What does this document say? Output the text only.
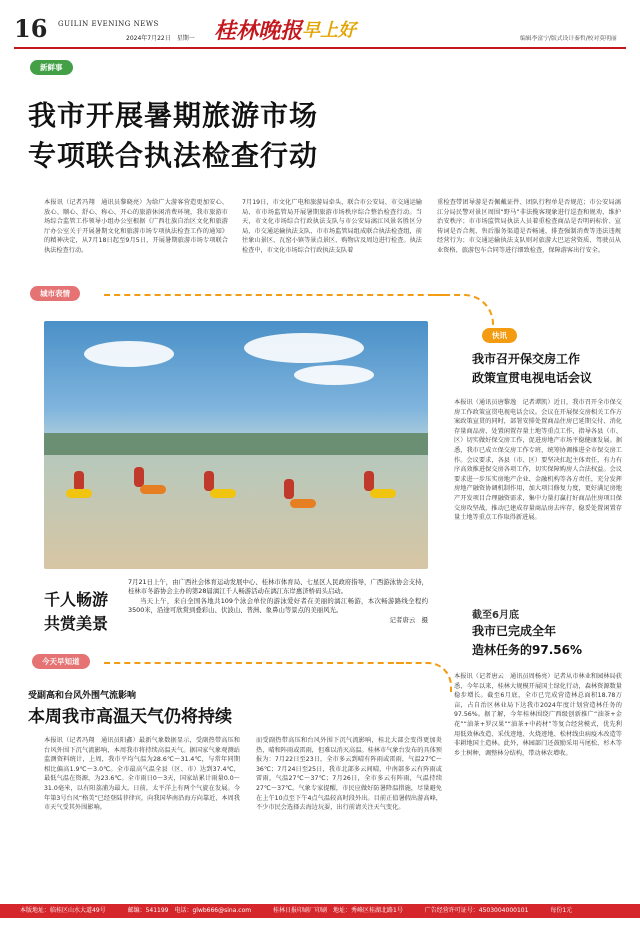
16 GUILIN EVENING NEWS
2024年7月22日　星期一 桂林晚报 早上好	编辑李富宁/版式设计秦哲/校对莫明丽
新鲜事
我市开展暑期旅游市场
专项联合执法检查行动
本报讯（记者冯翔　通讯员黎晓亮）为给广大游客营造更加安心、放心、顺心、舒心、称心、开心的旅游休闲消费环境，我市旅游市场综合监管工作领导小组办公室根据《广西壮族自治区文化和旅游厅办公室关于开展暑期文化和旅游市场专项执法检查工作的通知》的精神决定，从7月18日起至9月5日，开展暑期旅游市场专项联合执法检查行动。
7月19日，市文化广电和旅游局牵头，联合市公安局、市交通运输局、市市场监管局开展暑期旅游市场秩序综合整治检查行动。当天，市文化市场综合行政执法支队与市公安局漓江风景名胜区分局、市交通运输执法支队、市市场监管局组成联合执法检查组，前往象山景区、瓦窑小镇等景点景区、购物店及周边进行检查。执法检查中，市文化市场综合行政执法支队着
重检查带团导游是否佩戴证件、团队行程单是否规范；市公安局漓江分局民警对景区周围“野马”非法揽客现象进行巡查和规劝，维护治安秩序；市市场监管局执法人员着重检查商品是否明码标价、宣传词是否合规、售后服务渠道是否畅通，排查强制消费等违法违规经营行为；市交通运输执法支队则对旅游大巴运营资质、驾驶员从业资格、旅游包车合同等进行细致检查，保障游客出行安全。
城市表情
千人畅游
共赏美景
7月21日上午，由广西社会体育运动发展中心、桂林市体育局、七星区人民政府指导，广西游泳协会支持，桂林市冬游协会主办的第28届漓江千人畅游活动在漓江东岸惠济桥码头启动。
当天上午，来自全国各地共109个泳会单位的游泳爱好者在美丽的漓江畅游，本次畅游路线全程约3500米，沿途可欣赏到叠彩山、伏波山、普洲、象鼻山等景点的美丽风光。
记者唐云　摄
快讯
我市召开保交房工作
政策宣贯电视电话会议
本报讯（通讯员唐黎逸　记者谭凯）近日，我市召开全市保交房工作政策宣贯电视电话会议。会议在开展保交房相关工作方案政策宣贯的同时，部署安排处置商品住房已延期交付、消化存量商品房、处置闲置存量土地等重点工作，指导各县（市、区）切实做好保交房工作，促进房地产市场平稳健康发展。据悉，我市已成立保交房工作专班，统筹协调推进全市保交房工作。会议要求，各县（市、区）要坚决扛起主体责任，有力有序高效推进保交房各项工作，切实保障购房人合法权益。会议要求进一步压实房地产企业、金融机构等各方责任，充分发挥房地产融资协调机制作用，加大项目修复力度，更好满足房地产开发项目合理融资需求，集中力量打赢打好商品住房项目保交房攻坚战，推动已建成存量商品房去库存，稳妥处置闲置存量土地等重点工作取得新进展。
截至6月底
我市已完成全年
造林任务的97.56%
本报讯（记者唐云　通讯员周杨亮）记者从市林业和园林局获悉，今年以来，桂林大规模开展国土绿化行动，森林资源数量稳步增长。截至6月底，全市已完成营造林总面积18.78万亩，占自治区林业局下达我市2024年度计划营造林任务的97.56%。据了解，今年桂林围绕广西级创新推广“油茶+金花”“油茶+罗汉果”“油茶+中药材”等复合经营模式，优先利用低效林改造、采伐迹地、火烧迹地、松材线虫病疫木改造等非耕地国土造林。此外，林园部门还鼓励采用马尾松、杉木等乡土树种，调整林分结构，带动林农增收。
今天早知道
受副高和台风外围气流影响
本周我市高温天气仍将持续
本报讯（记者冯翔　通讯员阳鑫）最新气象数据显示，受副热带高压和台风外围下沉气流影响，本周我市将持续高温天气。据国家气象观测站监测资料统计，上周，我市平均气温为28.6℃～31.4℃，与常年同期相比偏高1.9℃～3.0℃。全市最高气温全县（区、市）达到37.4℃，最低气温在资源，为23.6℃。全市雨日0～3天，国家站累计雨量0.0～31.0毫米，以有阳荔浦为最大。日前，太平洋上有两个气旋在发展。今年第3号台风“格美”已经登陆菲律宾，向我国华南沿海方向靠近，本周我市天气受其外围影响。
而受副热带高压和台风外围下沉气流影响，桂北大部会变得更加炎热，晴和阵雨或雷雨，但难以消灭高温。桂林市气象台发布的具体预报为：7月22日至23日，全市多云到晴有阵雨或雷雨，气温27℃～36℃；7月24日至25日，我市北部多云间晴，中南部多云有阵雨或雷雨，气温27℃～37℃；7月26日，全市多云有阵雨，气温持续27℃～37℃。气象专家提醒，市民应做好防暑降温措施，尽量避免在上午10点至下午4点气温较高时段外出。目前正值暑假出游高峰，不少市民会选择去海边玩耍，出行前请关注天气变化。
本版地址：临桂区山水大道49号	邮编：541199　电话：glwb666@sina.com	桂林日报印刷厂印刷　地址：秀峰区桂湖北路1号	广告经营许可证号：4503004000101	每份1元
